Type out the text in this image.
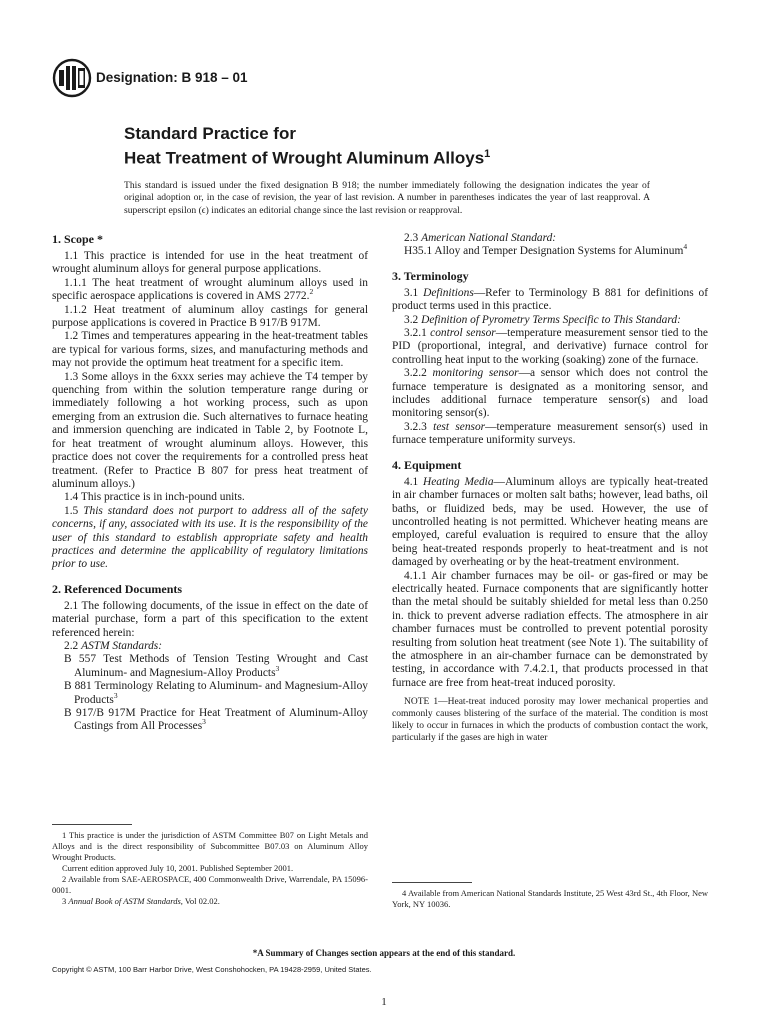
Designation: B 918 – 01
Standard Practice for
Heat Treatment of Wrought Aluminum Alloys$^1$
This standard is issued under the fixed designation B 918; the number immediately following the designation indicates the year of original adoption or, in the case of revision, the year of last revision. A number in parentheses indicates the year of last reapproval. A superscript epsilon (ϵ) indicates an editorial change since the last revision or reapproval.
1. Scope *

1.1 This practice is intended for use in the heat treatment of wrought aluminum alloys for general purpose applications.

1.1.1 The heat treatment of wrought aluminum alloys used in specific aerospace applications is covered in AMS 2772.$^2$

1.1.2 Heat treatment of aluminum alloy castings for general purpose applications is covered in Practice B 917/B 917M.

1.2 Times and temperatures appearing in the heat-treatment tables are typical for various forms, sizes, and manufacturing methods and may not provide the optimum heat treatment for a specific item.

1.3 Some alloys in the 6xxx series may achieve the T4 temper by quenching from within the solution temperature range during or immediately following a hot working process, such as upon emerging from an extrusion die. Such alternatives to furnace heating and immersion quenching are indicated in Table 2, by Footnote L, for heat treatment of wrought aluminum alloys. However, this practice does not cover the requirements for a controlled press heat treatment. (Refer to Practice B 807 for press heat treatment of aluminum alloys.)

1.4 This practice is in inch-pound units.

1.5 This standard does not purport to address all of the safety concerns, if any, associated with its use. It is the responsibility of the user of this standard to establish appropriate safety and health practices and determine the applicability of regulatory limitations prior to use.

2. Referenced Documents

2.1 The following documents, of the issue in effect on the date of material purchase, form a part of this specification to the extent referenced herein:

2.2 ASTM Standards:

B 557 Test Methods of Tension Testing Wrought and Cast Aluminum- and Magnesium-Alloy Products$^3$

B 881 Terminology Relating to Aluminum- and Magnesium-Alloy Products$^3$

B 917/B 917M Practice for Heat Treatment of Aluminum-Alloy Castings from All Processes$^3$

2.3 American National Standard:

H35.1 Alloy and Temper Designation Systems for Aluminum$^4$

3. Terminology

3.1 Definitions—Refer to Terminology B 881 for definitions of product terms used in this practice.

3.2 Definition of Pyrometry Terms Specific to This Standard:

3.2.1 control sensor—temperature measurement sensor tied to the PID (proportional, integral, and derivative) furnace control for controlling heat input to the working (soaking) zone of the furnace.

3.2.2 monitoring sensor—a sensor which does not control the furnace temperature is designated as a monitoring sensor, and includes additional furnace temperature sensor(s) and load monitoring sensor(s).

3.2.3 test sensor—temperature measurement sensor(s) used in furnace temperature uniformity surveys.

4. Equipment

4.1 Heating Media—Aluminum alloys are typically heat-treated in air chamber furnaces or molten salt baths; however, lead baths, oil baths, or fluidized beds, may be used. However, the use of uncontrolled heating is not permitted. Whichever heating means are employed, careful evaluation is required to ensure that the alloy being heat-treated responds properly to heat-treatment and is not damaged by overheating or by the heat-treatment environment.

4.1.1 Air chamber furnaces may be oil- or gas-fired or may be electrically heated. Furnace components that are significantly hotter than the metal should be suitably shielded for metal less than 0.250 in. thick to prevent adverse radiation effects. The atmosphere in air chamber furnaces must be controlled to prevent potential porosity resulting from solution heat treatment (see Note 1). The suitability of the atmosphere in an air-chamber furnace can be demonstrated by testing, in accordance with 7.4.2.1, that products processed in that furnace are free from heat-treat induced porosity.

NOTE 1—Heat-treat induced porosity may lower mechanical properties and commonly causes blistering of the surface of the material. The condition is most likely to occur in furnaces in which the products of combustion contact the work, particularly if the gases are high in water

1 This practice is under the jurisdiction of ASTM Committee B07 on Light Metals and Alloys and is the direct responsibility of Subcommittee B07.03 on Aluminum Alloy Wrought Products.

Current edition approved July 10, 2001. Published September 2001.

2 Available from SAE-AEROSPACE, 400 Commonwealth Drive, Warrendale, PA 15096-0001.

3 Annual Book of ASTM Standards, Vol 02.02.

4 Available from American National Standards Institute, 25 West 43rd St., 4th Floor, New York, NY 10036.

*A Summary of Changes section appears at the end of this standard.
Copyright © ASTM, 100 Barr Harbor Drive, West Conshohocken, PA 19428-2959, United States.
1
